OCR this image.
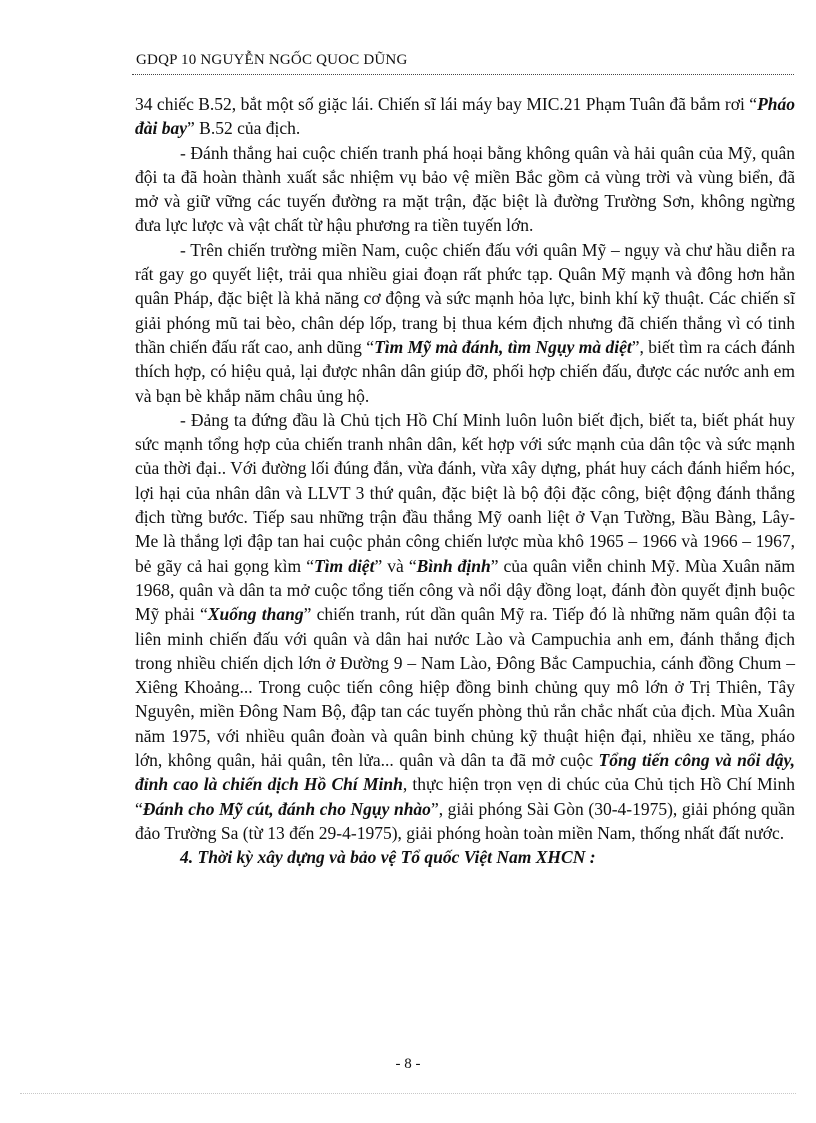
GDQP 10 NGUYỄN NGỐC QUOC DŨNG

34 chiếc B.52, bắt một số giặc lái. Chiến sĩ lái máy bay MIC.21 Phạm Tuân đã bắm rơi “Pháo đài bay” B.52 của địch.

- Đánh thắng hai cuộc chiến tranh phá hoại bằng không quân và hải quân của Mỹ, quân đội ta đã hoàn thành xuất sắc nhiệm vụ bảo vệ miền Bắc gồm cả vùng trời và vùng biển, đã mở và giữ vững các tuyến đường ra mặt trận, đặc biệt là đường Trường Sơn, không ngừng đưa lực lược và vật chất từ hậu phương ra tiền tuyến lớn.

- Trên chiến trường miền Nam, cuộc chiến đấu với quân Mỹ – ngụy và chư hầu diễn ra rất gay go quyết liệt, trải qua nhiều giai đoạn rất phức tạp. Quân Mỹ mạnh và đông hơn hẳn quân Pháp, đặc biệt là khả năng cơ động và sức mạnh hỏa lực, binh khí kỹ thuật. Các chiến sĩ giải phóng mũ tai bèo, chân dép lốp, trang bị thua kém địch nhưng đã chiến thắng vì có tinh thần chiến đấu rất cao, anh dũng “Tìm Mỹ mà đánh, tìm Ngụy mà diệt”, biết tìm ra cách đánh thích hợp, có hiệu quả, lại được nhân dân giúp đỡ, phối hợp chiến đấu, được các nước anh em và bạn bè khắp năm châu ủng hộ.

- Đảng ta đứng đầu là Chủ tịch Hồ Chí Minh luôn luôn biết địch, biết ta, biết phát huy sức mạnh tổng hợp của chiến tranh nhân dân, kết hợp với sức mạnh của dân tộc và sức mạnh của thời đại.. Với đường lối đúng đắn, vừa đánh, vừa xây dựng, phát huy cách đánh hiểm hóc, lợi hại của nhân dân và LLVT 3 thứ quân, đặc biệt là bộ đội đặc công, biệt động đánh thắng địch từng bước. Tiếp sau những trận đầu thắng Mỹ oanh liệt ở Vạn Tường, Bầu Bàng, Lây-Me là thắng lợi đập tan hai cuộc phản công chiến lược mùa khô 1965 – 1966 và 1966 – 1967, bẻ gãy cả hai gọng kìm “Tìm diệt” và “Bình định” của quân viễn chinh Mỹ. Mùa Xuân năm 1968, quân và dân ta mở cuộc tổng tiến công và nổi dậy đồng loạt, đánh đòn quyết định buộc Mỹ phải “Xuống thang” chiến tranh, rút dần quân Mỹ ra. Tiếp đó là những năm quân đội ta liên minh chiến đấu với quân và dân hai nước Lào và Campuchia anh em, đánh thắng địch trong nhiều chiến dịch lớn ở Đường 9 – Nam Lào, Đông Bắc Campuchia, cánh đồng Chum – Xiêng Khoảng... Trong cuộc tiến công hiệp đồng binh chủng quy mô lớn ở Trị Thiên, Tây Nguyên, miền Đông Nam Bộ, đập tan các tuyến phòng thủ rắn chắc nhất của địch. Mùa Xuân năm 1975, với nhiều quân đoàn và quân binh chủng kỹ thuật hiện đại, nhiều xe tăng, pháo lớn, không quân, hải quân, tên lửa... quân và dân ta đã mở cuộc Tổng tiến công và nổi dậy, đỉnh cao là chiến dịch Hồ Chí Minh, thực hiện trọn vẹn di chúc của Chủ tịch Hồ Chí Minh “Đánh cho Mỹ cút, đánh cho Ngụy nhào”, giải phóng Sài Gòn (30-4-1975), giải phóng quần đảo Trường Sa (từ 13 đến 29-4-1975), giải phóng hoàn toàn miền Nam, thống nhất đất nước.

4. Thời kỳ xây dựng và bảo vệ Tổ quốc Việt Nam XHCN :

- 8 -
